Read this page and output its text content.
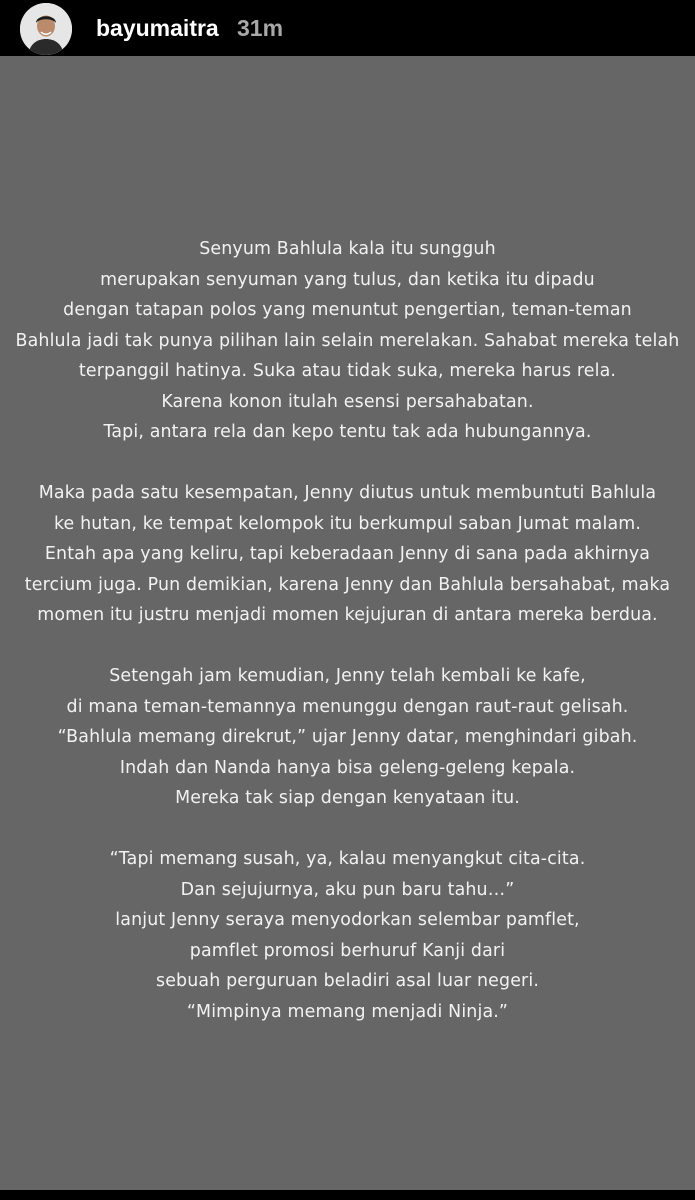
bayumaitra 31m
Senyum Bahlula kala itu sungguh
merupakan senyuman yang tulus, dan ketika itu dipadu
dengan tatapan polos yang menuntut pengertian, teman-teman
Bahlula jadi tak punya pilihan lain selain merelakan. Sahabat mereka telah
terpanggil hatinya. Suka atau tidak suka, mereka harus rela.
Karena konon itulah esensi persahabatan.
Tapi, antara rela dan kepo tentu tak ada hubungannya.
Maka pada satu kesempatan, Jenny diutus untuk membuntuti Bahlula
ke hutan, ke tempat kelompok itu berkumpul saban Jumat malam.
Entah apa yang keliru, tapi keberadaan Jenny di sana pada akhirnya
tercium juga. Pun demikian, karena Jenny dan Bahlula bersahabat, maka
momen itu justru menjadi momen kejujuran di antara mereka berdua.
Setengah jam kemudian, Jenny telah kembali ke kafe,
di mana teman-temannya menunggu dengan raut-raut gelisah.
“Bahlula memang direkrut,” ujar Jenny datar, menghindari gibah.
Indah dan Nanda hanya bisa geleng-geleng kepala.
Mereka tak siap dengan kenyataan itu.
“Tapi memang susah, ya, kalau menyangkut cita-cita.
Dan sejujurnya, aku pun baru tahu…”
lanjut Jenny seraya menyodorkan selembar pamflet,
pamflet promosi berhuruf Kanji dari
sebuah perguruan beladiri asal luar negeri.
“Mimpinya memang menjadi Ninja.”
